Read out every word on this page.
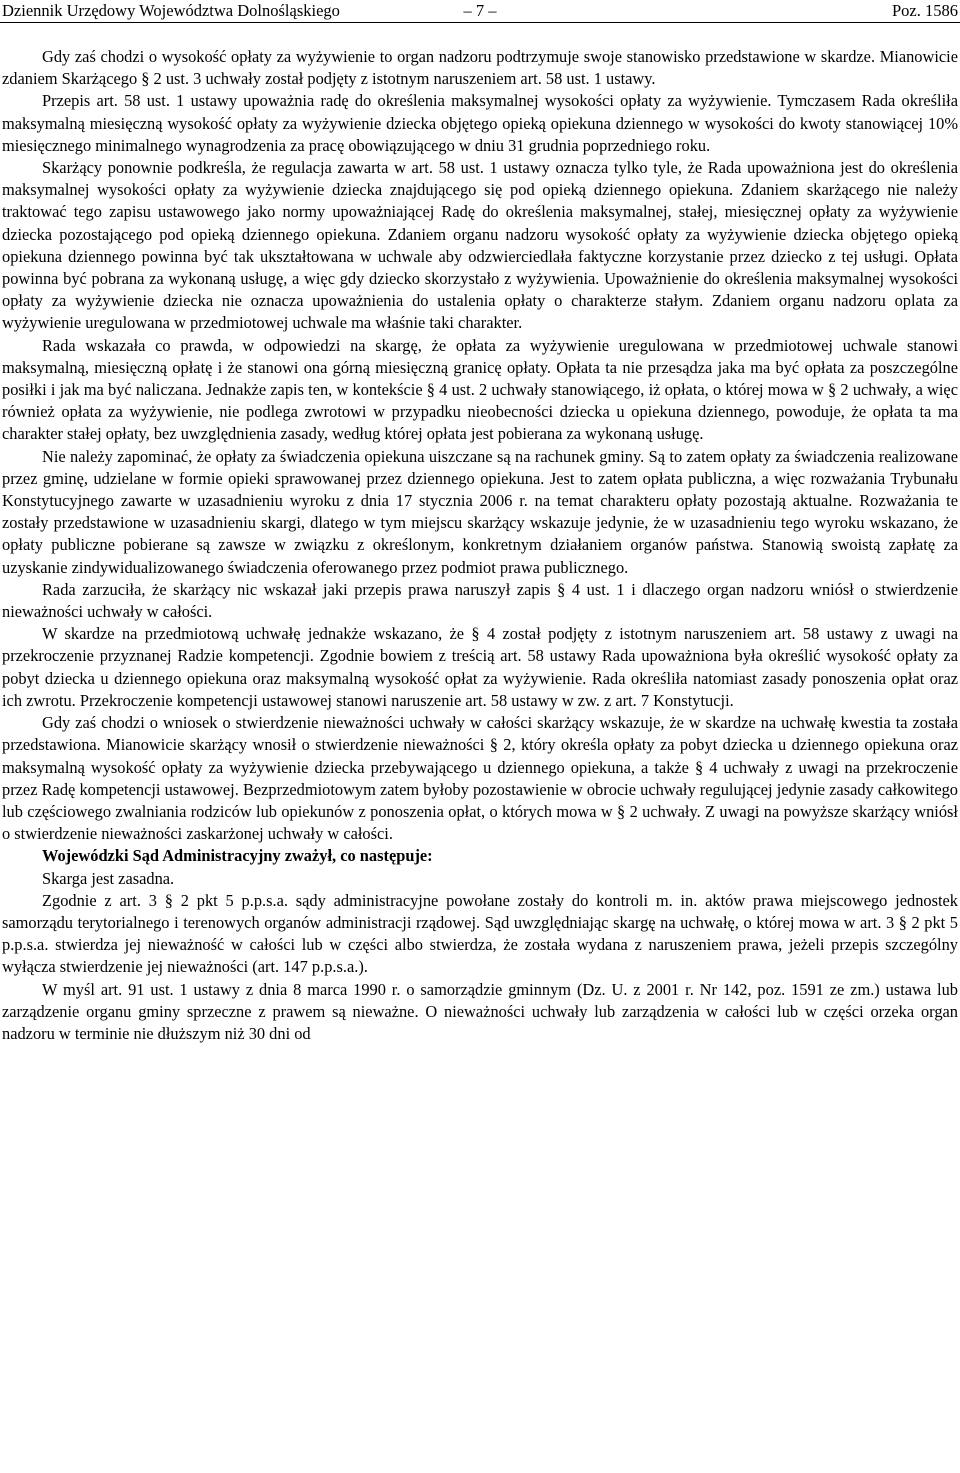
– 7 –
Dziennik Urzędowy Województwa Dolnośląskiego	Poz. 1586

Gdy zaś chodzi o wysokość opłaty za wyżywienie to organ nadzoru podtrzymuje swoje stanowisko przedstawione w skardze. Mianowicie zdaniem Skarżącego § 2 ust. 3 uchwały został podjęty z istotnym naruszeniem art. 58 ust. 1 ustawy.

Przepis art. 58 ust. 1 ustawy upoważnia radę do określenia maksymalnej wysokości opłaty za wyżywienie. Tymczasem Rada określiła maksymalną miesięczną wysokość opłaty za wyżywienie dziecka objętego opieką opiekuna dziennego w wysokości do kwoty stanowiącej 10% miesięcznego minimalnego wynagrodzenia za pracę obowiązującego w dniu 31 grudnia poprzedniego roku.

Skarżący ponownie podkreśla, że regulacja zawarta w art. 58 ust. 1 ustawy oznacza tylko tyle, że Rada upoważniona jest do określenia maksymalnej wysokości opłaty za wyżywienie dziecka znajdującego się pod opieką dziennego opiekuna. Zdaniem skarżącego nie należy traktować tego zapisu ustawowego jako normy upoważniającej Radę do określenia maksymalnej, stałej, miesięcznej opłaty za wyżywienie dziecka pozostającego pod opieką dziennego opiekuna. Zdaniem organu nadzoru wysokość opłaty za wyżywienie dziecka objętego opieką opiekuna dziennego powinna być tak ukształtowana w uchwale aby odzwierciedlała faktyczne korzystanie przez dziecko z tej usługi. Opłata powinna być pobrana za wykonaną usługę, a więc gdy dziecko skorzystało z wyżywienia. Upoważnienie do określenia maksymalnej wysokości opłaty za wyżywienie dziecka nie oznacza upoważnienia do ustalenia opłaty o charakterze stałym. Zdaniem organu nadzoru oplata za wyżywienie uregulowana w przedmiotowej uchwale ma właśnie taki charakter.

Rada wskazała co prawda, w odpowiedzi na skargę, że opłata za wyżywienie uregulowana w przedmiotowej uchwale stanowi maksymalną, miesięczną opłatę i że stanowi ona górną miesięczną granicę opłaty. Opłata ta nie przesądza jaka ma być opłata za poszczególne posiłki i jak ma być naliczana. Jednakże zapis ten, w kontekście § 4 ust. 2 uchwały stanowiącego, iż opłata, o której mowa w § 2 uchwały, a więc również opłata za wyżywienie, nie podlega zwrotowi w przypadku nieobecności dziecka u opiekuna dziennego, powoduje, że opłata ta ma charakter stałej opłaty, bez uwzględnienia zasady, według której opłata jest pobierana za wykonaną usługę.

Nie należy zapominać, że opłaty za świadczenia opiekuna uiszczane są na rachunek gminy. Są to zatem opłaty za świadczenia realizowane przez gminę, udzielane w formie opieki sprawowanej przez dziennego opiekuna. Jest to zatem opłata publiczna, a więc rozważania Trybunału Konstytucyjnego zawarte w uzasadnieniu wyroku z dnia 17 stycznia 2006 r. na temat charakteru opłaty pozostają aktualne. Rozważania te zostały przedstawione w uzasadnieniu skargi, dlatego w tym miejscu skarżący wskazuje jedynie, że w uzasadnieniu tego wyroku wskazano, że opłaty publiczne pobierane są zawsze w związku z określonym, konkretnym działaniem organów państwa. Stanowią swoistą zapłatę za uzyskanie zindywidualizowanego świadczenia oferowanego przez podmiot prawa publicznego.

Rada zarzuciła, że skarżący nic wskazał jaki przepis prawa naruszył zapis § 4 ust. 1 i dlaczego organ nadzoru wniósł o stwierdzenie nieważności uchwały w całości.

W skardze na przedmiotową uchwałę jednakże wskazano, że § 4 został podjęty z istotnym naruszeniem art. 58 ustawy z uwagi na przekroczenie przyznanej Radzie kompetencji. Zgodnie bowiem z treścią art. 58 ustawy Rada upoważniona była określić wysokość opłaty za pobyt dziecka u dziennego opiekuna oraz maksymalną wysokość opłat za wyżywienie. Rada określiła natomiast zasady ponoszenia opłat oraz ich zwrotu. Przekroczenie kompetencji ustawowej stanowi naruszenie art. 58 ustawy w zw. z art. 7 Konstytucji.

Gdy zaś chodzi o wniosek o stwierdzenie nieważności uchwały w całości skarżący wskazuje, że w skardze na uchwałę kwestia ta została przedstawiona. Mianowicie skarżący wnosił o stwierdzenie nieważności § 2, który określa opłaty za pobyt dziecka u dziennego opiekuna oraz maksymalną wysokość opłaty za wyżywienie dziecka przebywającego u dziennego opiekuna, a także § 4 uchwały z uwagi na przekroczenie przez Radę kompetencji ustawowej. Bezprzedmiotowym zatem byłoby pozostawienie w obrocie uchwały regulującej jedynie zasady całkowitego lub częściowego zwalniania rodziców lub opiekunów z ponoszenia opłat, o których mowa w § 2 uchwały. Z uwagi na powyższe skarżący wniósł o stwierdzenie nieważności zaskarżonej uchwały w całości.

Wojewódzki Sąd Administracyjny zważył, co następuje:

Skarga jest zasadna.

Zgodnie z art. 3 § 2 pkt 5 p.p.s.a. sądy administracyjne powołane zostały do kontroli m. in. aktów prawa miejscowego jednostek samorządu terytorialnego i terenowych organów administracji rządowej. Sąd uwzględniając skargę na uchwałę, o której mowa w art. 3 § 2 pkt 5 p.p.s.a. stwierdza jej nieważność w całości lub w części albo stwierdza, że została wydana z naruszeniem prawa, jeżeli przepis szczególny wyłącza stwierdzenie jej nieważności (art. 147 p.p.s.a.).

W myśl art. 91 ust. 1 ustawy z dnia 8 marca 1990 r. o samorządzie gminnym (Dz. U. z 2001 r. Nr 142, poz. 1591 ze zm.) ustawa lub zarządzenie organu gminy sprzeczne z prawem są nieważne. O nieważności uchwały lub zarządzenia w całości lub w części orzeka organ nadzoru w terminie nie dłuższym niż 30 dni od
